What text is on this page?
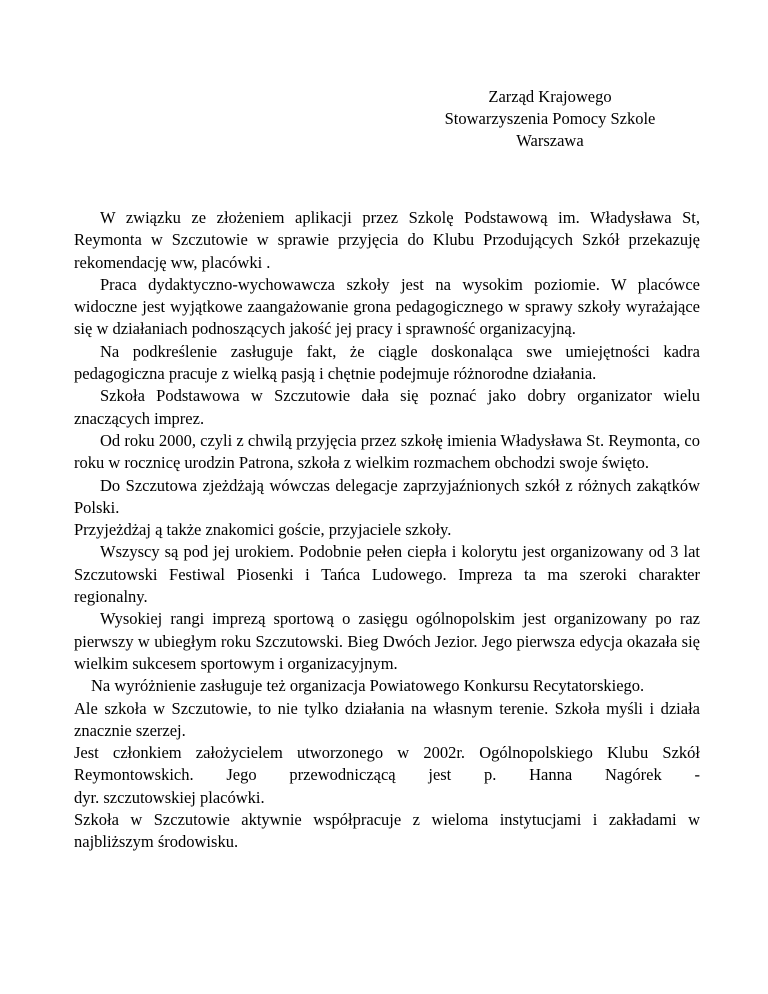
Zarząd Krajowego
Stowarzyszenia Pomocy Szkole
Warszawa

W związku ze złożeniem aplikacji przez Szkolę Podstawową im. Władysława St, Reymonta w Szczutowie w sprawie przyjęcia do Klubu Przodujących Szkół przekazuję rekomendację ww, placówki .

Praca dydaktyczno-wychowawcza szkoły jest na wysokim poziomie. W placówce widoczne jest wyjątkowe zaangażowanie grona pedagogicznego w sprawy szkoły wyrażające się w działaniach podnoszących jakość jej pracy i sprawność organizacyjną.

Na podkreślenie zasługuje fakt, że ciągle doskonaląca swe umiejętności kadra pedagogiczna pracuje z wielką pasją i chętnie podejmuje różnorodne działania.

Szkoła Podstawowa w Szczutowie dała się poznać jako dobry organizator wielu znaczących imprez.

Od roku 2000, czyli z chwilą przyjęcia przez szkołę imienia Władysława St. Reymonta, co roku w rocznicę urodzin Patrona, szkoła z wielkim rozmachem obchodzi swoje święto.

Do Szczutowa zjeżdżają wówczas delegacje zaprzyjaźnionych szkół z różnych zakątków Polski.

Przyjeżdżaj ą także znakomici goście, przyjaciele szkoły.

Wszyscy są pod jej urokiem. Podobnie pełen ciepła i kolorytu jest organizowany od 3 lat Szczutowski Festiwal Piosenki i Tańca Ludowego. Impreza ta ma szeroki charakter regionalny.

Wysokiej rangi imprezą sportową o zasięgu ogólnopolskim jest organizowany po raz pierwszy w ubiegłym roku Szczutowski. Bieg Dwóch Jezior. Jego pierwsza edycja okazała się wielkim sukcesem sportowym i organizacyjnym.

Na wyróżnienie zasługuje też organizacja Powiatowego Konkursu Recytatorskiego.

Ale szkoła w Szczutowie, to nie tylko działania na własnym terenie. Szkoła myśli i działa znacznie szerzej.

Jest członkiem założycielem utworzonego w 2002r. Ogólnopolskiego Klubu Szkół Reymontowskich. Jego przewodniczącą jest p. Hanna Nagórek -

dyr. szczutowskiej placówki.

Szkoła w Szczutowie aktywnie współpracuje z wieloma instytucjami i zakładami w najbliższym środowisku.
